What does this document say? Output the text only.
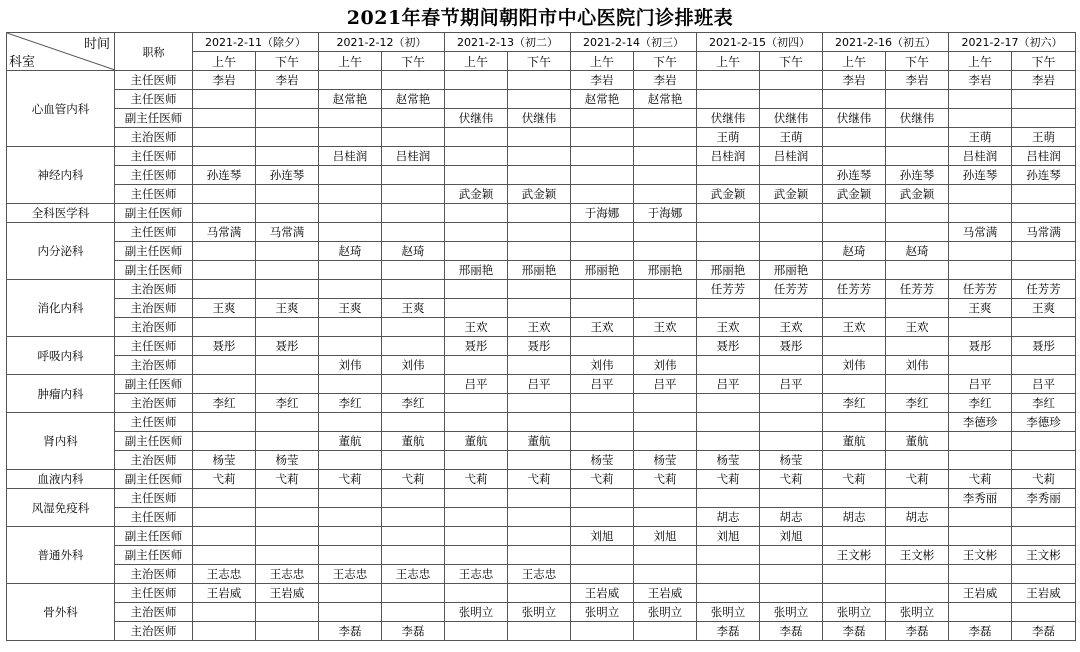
2021年春节期间朝阳市中心医院门诊排班表
时间
科室	职称	2021-2-11（除夕）		2021-2-12（初）		2021-2-13（初二）		2021-2-14（初三）		2021-2-15（初四）		2021-2-16（初五）		2021-2-17（初六）	
		上午	下午	上午	下午	上午	下午	上午	下午	上午	下午	上午	下午	上午	下午
心血管内科	主任医师	李岩	李岩					李岩	李岩			李岩	李岩	李岩	李岩
	主任医师			赵常艳	赵常艳			赵常艳	赵常艳						
	副主任医师					伏继伟	伏继伟			伏继伟	伏继伟	伏继伟	伏继伟		
	主治医师									王萌	王萌			王萌	王萌
神经内科	主任医师			吕桂润	吕桂润					吕桂润	吕桂润			吕桂润	吕桂润
	主任医师	孙连琴	孙连琴									孙连琴	孙连琴	孙连琴	孙连琴
	主任医师					武金颖	武金颖			武金颖	武金颖	武金颖	武金颖		
全科医学科	副主任医师							于海娜	于海娜						
内分泌科	主任医师	马常满	马常满											马常满	马常满
	副主任医师			赵琦	赵琦							赵琦	赵琦		
	副主任医师					邢丽艳	邢丽艳	邢丽艳	邢丽艳	邢丽艳	邢丽艳				
消化内科	主治医师									任芳芳	任芳芳	任芳芳	任芳芳	任芳芳	任芳芳
	主治医师	王爽	王爽	王爽	王爽									王爽	王爽
	主治医师					王欢	王欢	王欢	王欢	王欢	王欢	王欢	王欢		
呼吸内科	主任医师	聂彤	聂彤			聂彤	聂彤			聂彤	聂彤			聂彤	聂彤
	主治医师			刘伟	刘伟			刘伟	刘伟			刘伟	刘伟		
肿瘤内科	副主任医师					吕平	吕平	吕平	吕平	吕平	吕平			吕平	吕平
	主治医师	李红	李红	李红	李红							李红	李红	李红	李红
肾内科	主任医师													李德珍	李德珍
	副主任医师			董航	董航	董航	董航					董航	董航		
	主治医师	杨莹	杨莹					杨莹	杨莹	杨莹	杨莹				
血液内科	副主任医师	弋莉	弋莉	弋莉	弋莉	弋莉	弋莉	弋莉	弋莉	弋莉	弋莉	弋莉	弋莉	弋莉	弋莉
风湿免疫科	主任医师													李秀丽	李秀丽
	主任医师									胡志	胡志	胡志	胡志		
普通外科	副主任医师							刘旭	刘旭	刘旭	刘旭				
	副主任医师											王文彬	王文彬	王文彬	王文彬
	主治医师	王志忠	王志忠	王志忠	王志忠	王志忠	王志忠								
骨外科	主任医师	王岩威	王岩威					王岩威	王岩威					王岩威	王岩威
	主治医师					张明立	张明立	张明立	张明立	张明立	张明立	张明立	张明立		
	主治医师			李磊	李磊					李磊	李磊	李磊	李磊	李磊	李磊
